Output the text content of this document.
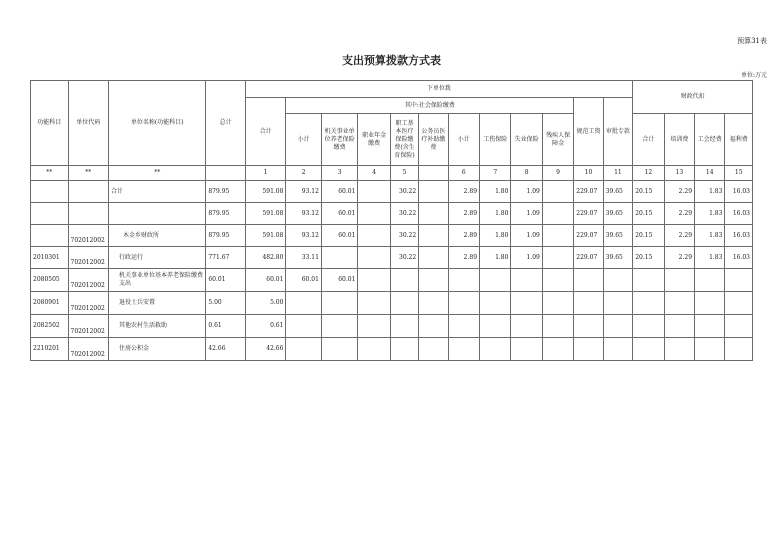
预算31表
支出预算拨款方式表
单位:万元
功能科目	单位代码	单位名称(功能科目)	总计	下单位拨												财政代扣			
				合计	其中:社会保险缴费									规范工资	审批专款				
					小计	机关事业单位养老保险缴费	职业年金缴费	职工基本医疗保险缴费(含生育保险)	公务员医疗补助缴费	小计	工伤保险	失业保险	残疾人保障金			合计	培训费	工会经费	福利费
**	**	**		1	2	3	4	5		6	7	8	9	10	11	12	13	14	15
		合计	879.95	591.08	93.12	60.01		30.22		2.89	1.80	1.09		229.07	39.65	20.15	2.29	1.83	16.03
			879.95	591.08	93.12	60.01		30.22		2.89	1.80	1.09		229.07	39.65	20.15	2.29	1.83	16.03
	702012002	木金乡财政所	879.95	591.08	93.12	60.01		30.22		2.89	1.80	1.09		229.07	39.65	20.15	2.29	1.83	16.03
2010301	702012002	行政运行	771.67	482.80	33.11			30.22		2.89	1.80	1.09		229.07	39.65	20.15	2.29	1.83	16.03
2080505	702012002	机关事业单位基本养老保险缴费支出	60.01	60.01	60.01	60.01													
2080901	702012002	退役士兵安置	5.00	5.00															
2082502	702012002	其他农村生活救助	0.61	0.61															
2210201	702012002	住房公积金	42.66	42.66															
